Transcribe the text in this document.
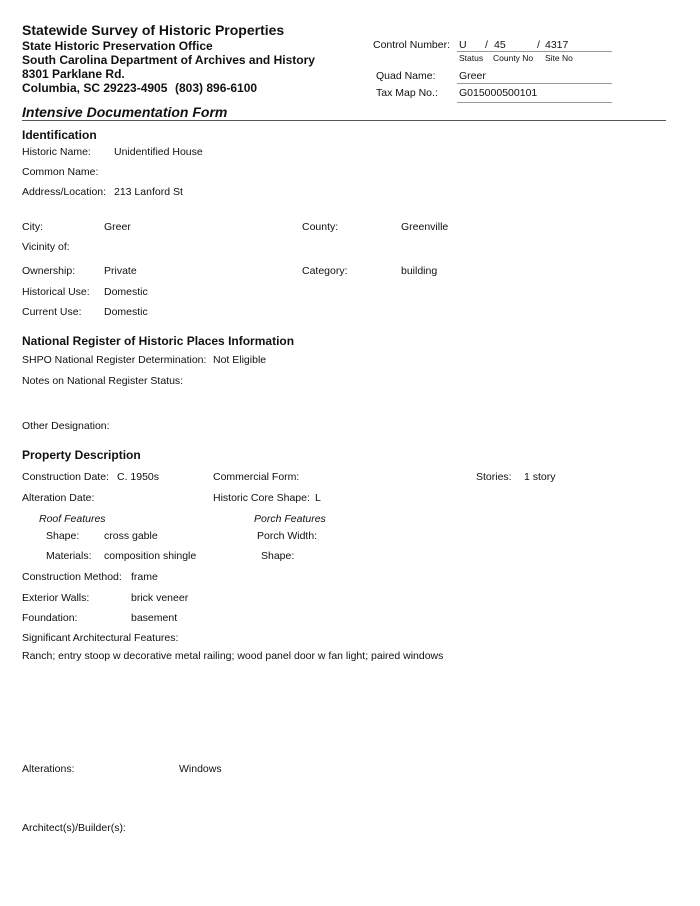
Statewide Survey of Historic Properties
State Historic Preservation Office
South Carolina Department of Archives and History
8301 Parklane Rd.
Columbia, SC 29223-4905 (803) 896-6100
Control Number: U / 45	/ 4317
Status County No Site No
Quad Name: Greer
Tax Map No.: G015000500101
Intensive Documentation Form
Identification
Historic Name: Unidentified House
Common Name:
Address/Location: 213 Lanford St
City:	Greer	County:	Greenville
Vicinity of:
Ownership:	Private	Category:	building
Historical Use: Domestic
Current Use: Domestic
National Register of Historic Places Information
SHPO National Register Determination: Not Eligible
Notes on National Register Status:
Other Designation:
Property Description
Construction Date: C. 1950s	Commercial Form:	Stories: 1 story
Alteration Date:	Historic Core Shape: L
Roof Features	Porch Features
Shape: cross gable	Porch Width:
Materials: composition shingle	Shape:
Construction Method: frame
Exterior Walls:	brick veneer
Foundation:	basement
Significant Architectural Features:
Ranch; entry stoop w decorative metal railing; wood panel door w fan light; paired windows
Alterations:	Windows
Architect(s)/Builder(s):
